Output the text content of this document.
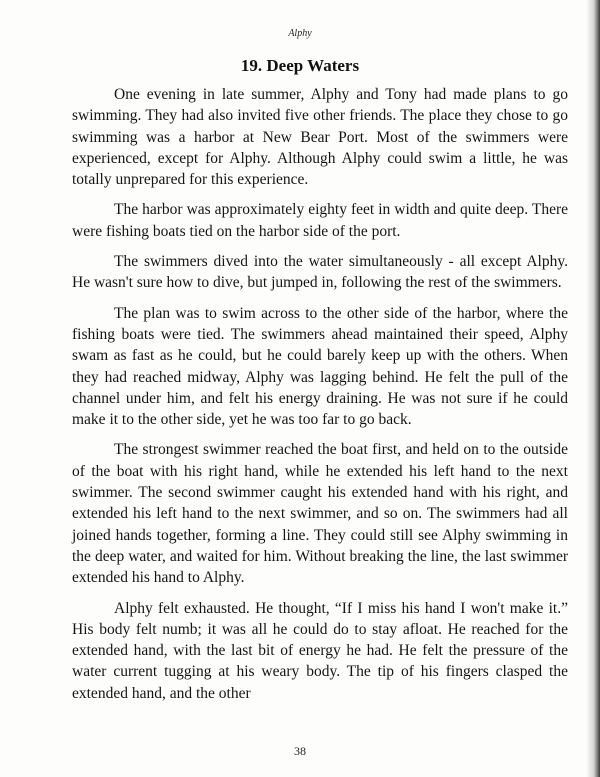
Alphy
19. Deep Waters

One evening in late summer, Alphy and Tony had made plans to go swimming. They had also invited five other friends. The place they chose to go swimming was a harbor at New Bear Port. Most of the swimmers were experienced, except for Alphy. Although Alphy could swim a little, he was totally unprepared for this experience.

The harbor was approximately eighty feet in width and quite deep. There were fishing boats tied on the harbor side of the port.

The swimmers dived into the water simultaneously - all except Alphy. He wasn't sure how to dive, but jumped in, following the rest of the swimmers.

The plan was to swim across to the other side of the harbor, where the fishing boats were tied. The swimmers ahead maintained their speed, Alphy swam as fast as he could, but he could barely keep up with the others. When they had reached midway, Alphy was lagging behind. He felt the pull of the channel under him, and felt his energy draining. He was not sure if he could make it to the other side, yet he was too far to go back.

The strongest swimmer reached the boat first, and held on to the outside of the boat with his right hand, while he extended his left hand to the next swimmer. The second swimmer caught his extended hand with his right, and extended his left hand to the next swimmer, and so on. The swimmers had all joined hands together, forming a line. They could still see Alphy swimming in the deep water, and waited for him. Without breaking the line, the last swimmer extended his hand to Alphy.

Alphy felt exhausted. He thought, “If I miss his hand I won't make it.” His body felt numb; it was all he could do to stay afloat. He reached for the extended hand, with the last bit of energy he had. He felt the pressure of the water current tugging at his weary body. The tip of his fingers clasped the extended hand, and the other

38
